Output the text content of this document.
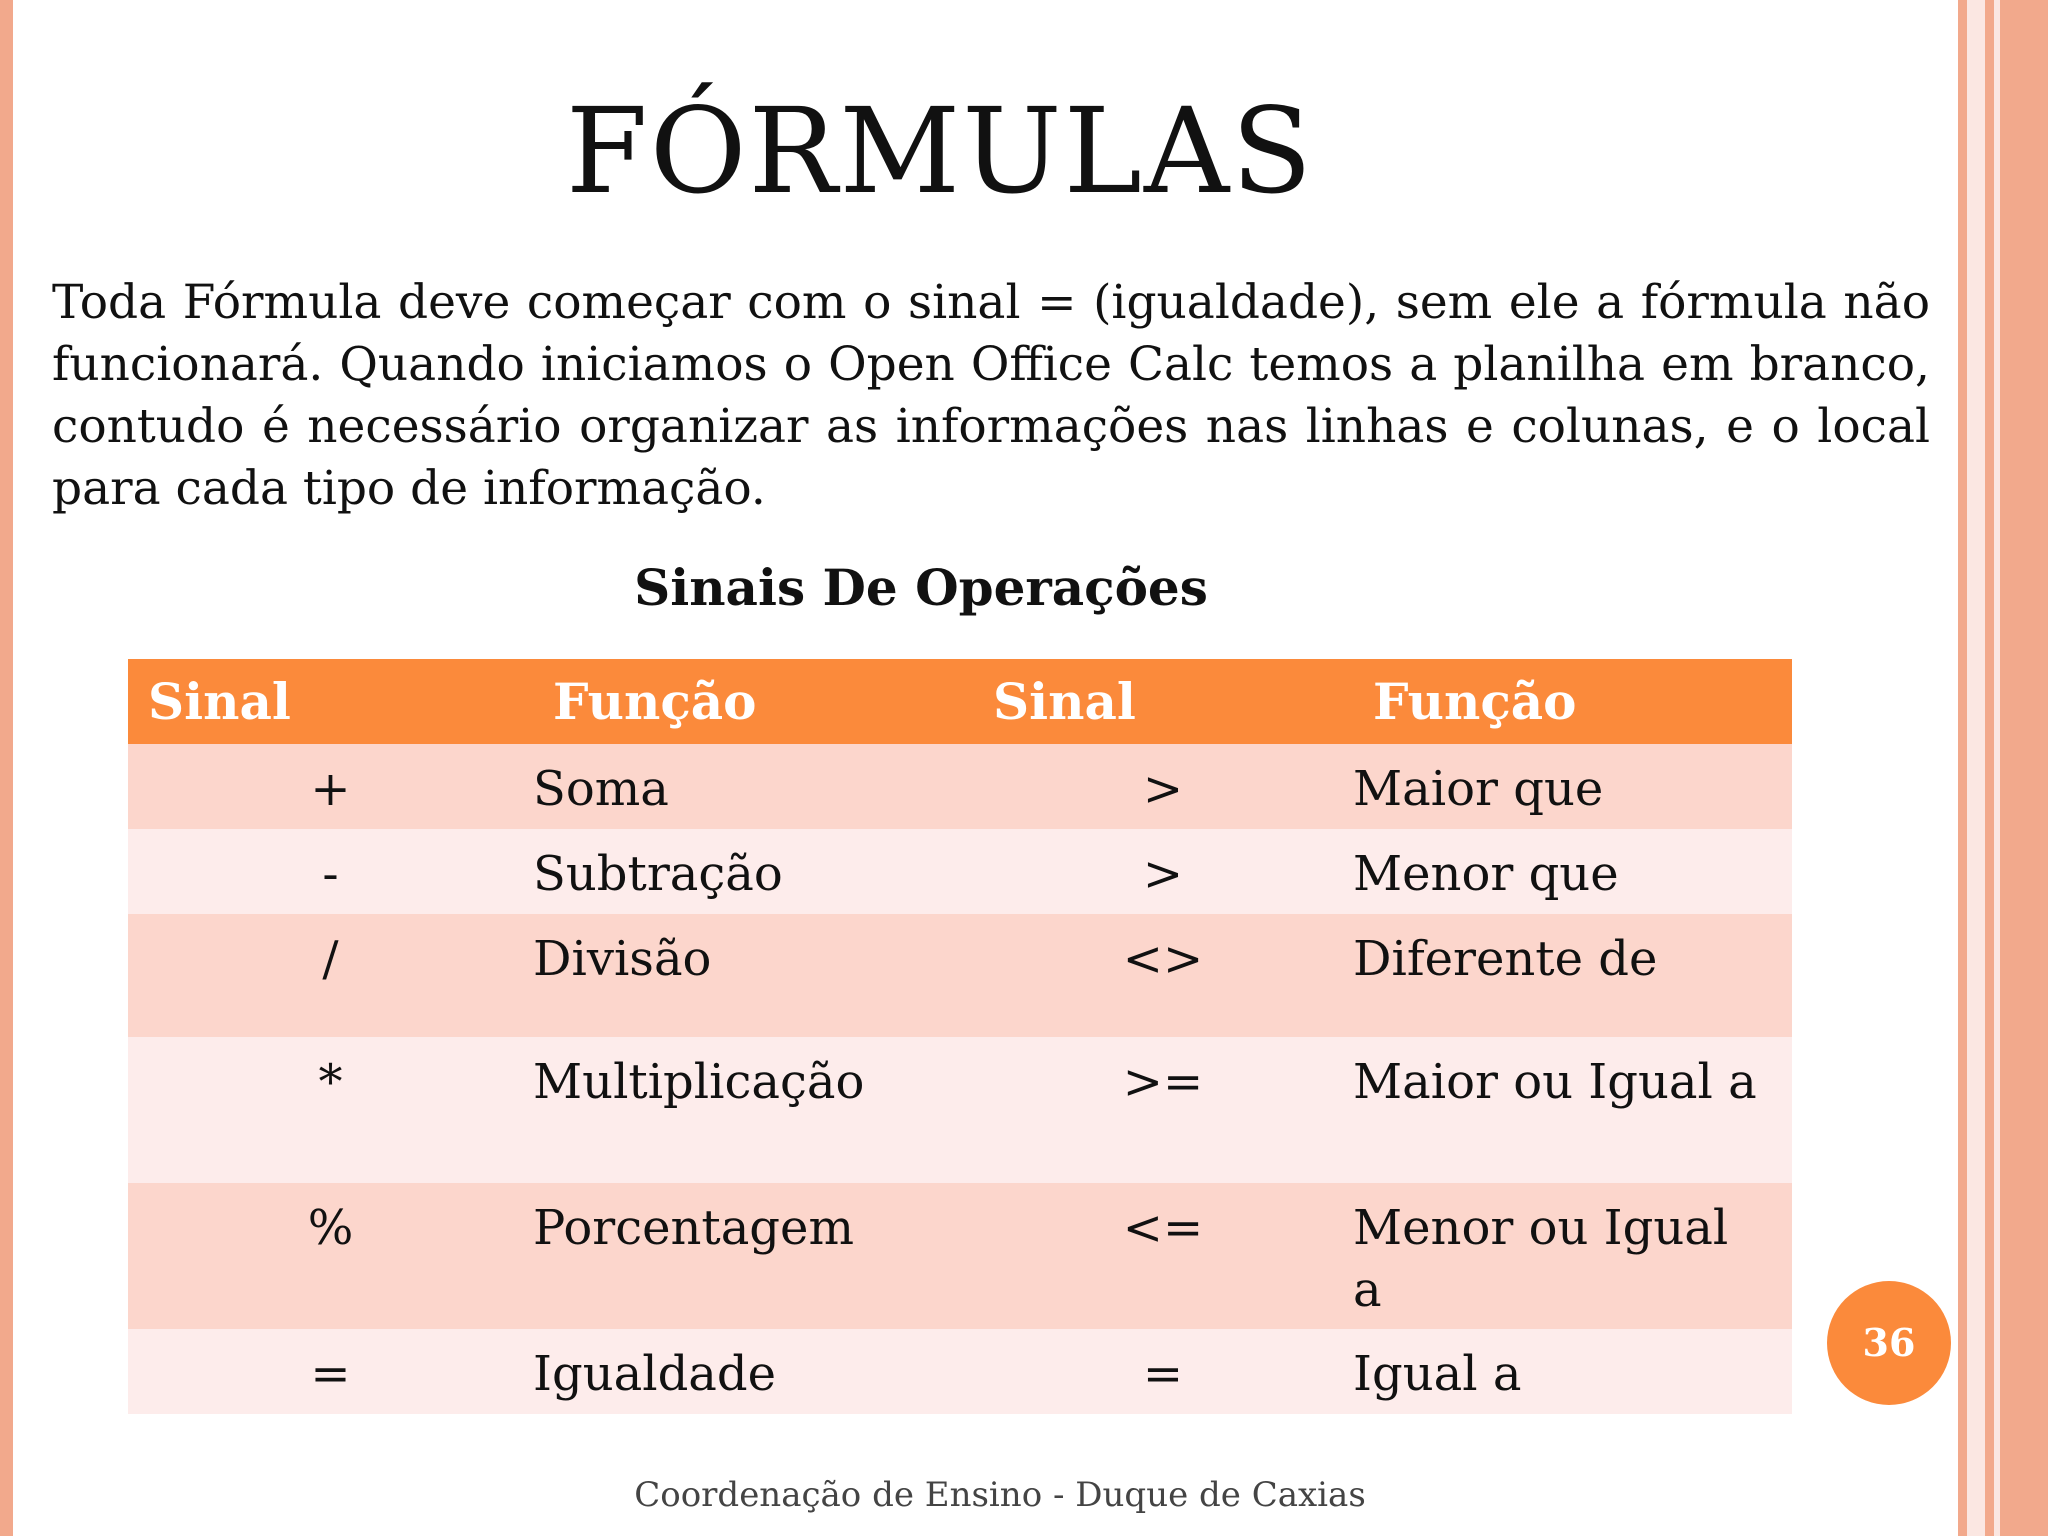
FÓRMULAS
Toda Fórmula deve começar com o sinal = (igualdade), sem ele a fórmula não funcionará. Quando iniciamos o Open Office Calc temos a planilha em branco, contudo é necessário organizar as informações nas linhas e colunas, e o local para cada tipo de informação.
Sinais De Operações
Sinal	Função	Sinal	Função
+	Soma	>	Maior que
-	Subtração	>	Menor que
/	Divisão	<>	Diferente de
*	Multiplicação	>=	Maior ou Igual a
%	Porcentagem	<=	Menor ou Igual a
=	Igualdade	=	Igual a
36
Coordenação de Ensino - Duque de Caxias
